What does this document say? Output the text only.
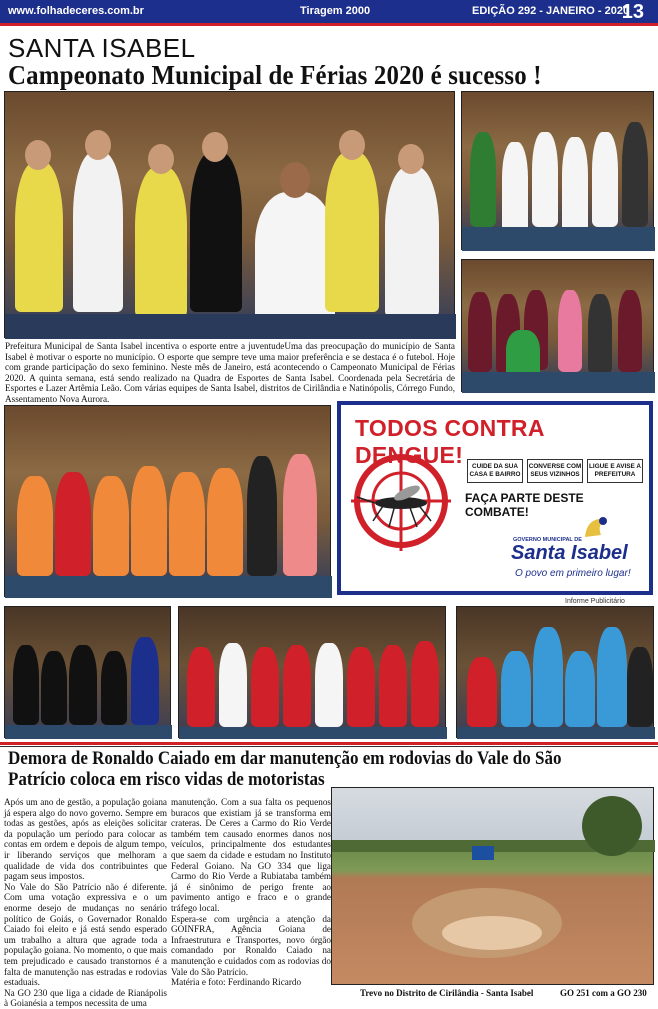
www.folhadeceres.com.br	Tiragem 2000	EDIÇÃO 292 - JANEIRO - 2020
13
SANTA ISABEL
Campeonato Municipal de Férias 2020 é sucesso !
Prefeitura Municipal de Santa Isabel incentiva o esporte entre a juventudeUma das preocupação do município de Santa Isabel è motivar o esporte no município. O esporte que sempre teve uma maior preferência e se destaca é o futebol. Hoje com grande participação do sexo feminino. Neste mês de Janeiro, está acontecendo o Campeonato Municipal de Férias 2020. A quinta semana, está sendo realizado na Quadra de Esportes de Santa Isabel. Coordenada pela Secretária de Esportes e Lazer Artêmia Leão. Com várias equipes de Santa Isabel, distritos de Cirilândia e Natinópolis, Córrego Fundo, Assentamento Nova Aurora.
TODOS CONTRA DENGUE!	CUIDE DA SUA CASA E BAIRRO
CONVERSE COM SEUS VIZINHOS
LIGUE E AVISE A PREFEITURA
FAÇA PARTE DESTE COMBATE!
GOVERNO MUNICIPAL DE
Santa Isabel
O povo em primeiro lugar!
Informe Publicitário
Demora de Ronaldo Caiado em dar manutenção em rodovias do Vale do São Patrício coloca em risco vidas de motoristas

Após um ano de gestão, a população goiana já espera algo do novo governo. Sempre em todas as gestões, após as eleições solicitar da população um período para colocar as contas em ordem e depois de algum tempo, ir liberando serviços que melhoram a qualidade de vida dos contribuintes que pagam seus impostos.

No Vale do São Patrício não é diferente. Com uma votação expressiva e o um enorme desejo de mudanças no senário político de Goiás, o Governador Ronaldo Caiado foi eleito e já está sendo esperado um trabalho a altura que agrade toda a população goiana. No momento, o que mais tem prejudicado e causado transtornos é a falta de manutenção nas estradas e rodovias estaduais.

Na GO 230 que liga a cidade de Rianápolis à Goianésia a tempos necessita de uma

manutenção. Com a sua falta os pequenos buracos que existiam já se transforma em crateras. De Ceres a Carmo do Rio Verde também tem causado enormes danos nos veículos, principalmente dos estudantes que saem da cidade e estudam no Instituto Federal Goiano. Na GO 334 que liga Carmo do Rio Verde a Rubiataba também já é sinônimo de perigo frente ao pavimento antigo e fraco e o grande tráfego local.

Espera-se com urgência a atenção da GOINFRA, Agência Goiana de Infraestrutura e Transportes, novo órgão comandado por Ronaldo Caiado na manutenção e cuidados com as rodovias do Vale do São Patrício.

Matéria e foto: Ferdinando Ricardo

Trevo no Distrito de Cirilândia - Santa Isabel	GO 251 com a GO 230
